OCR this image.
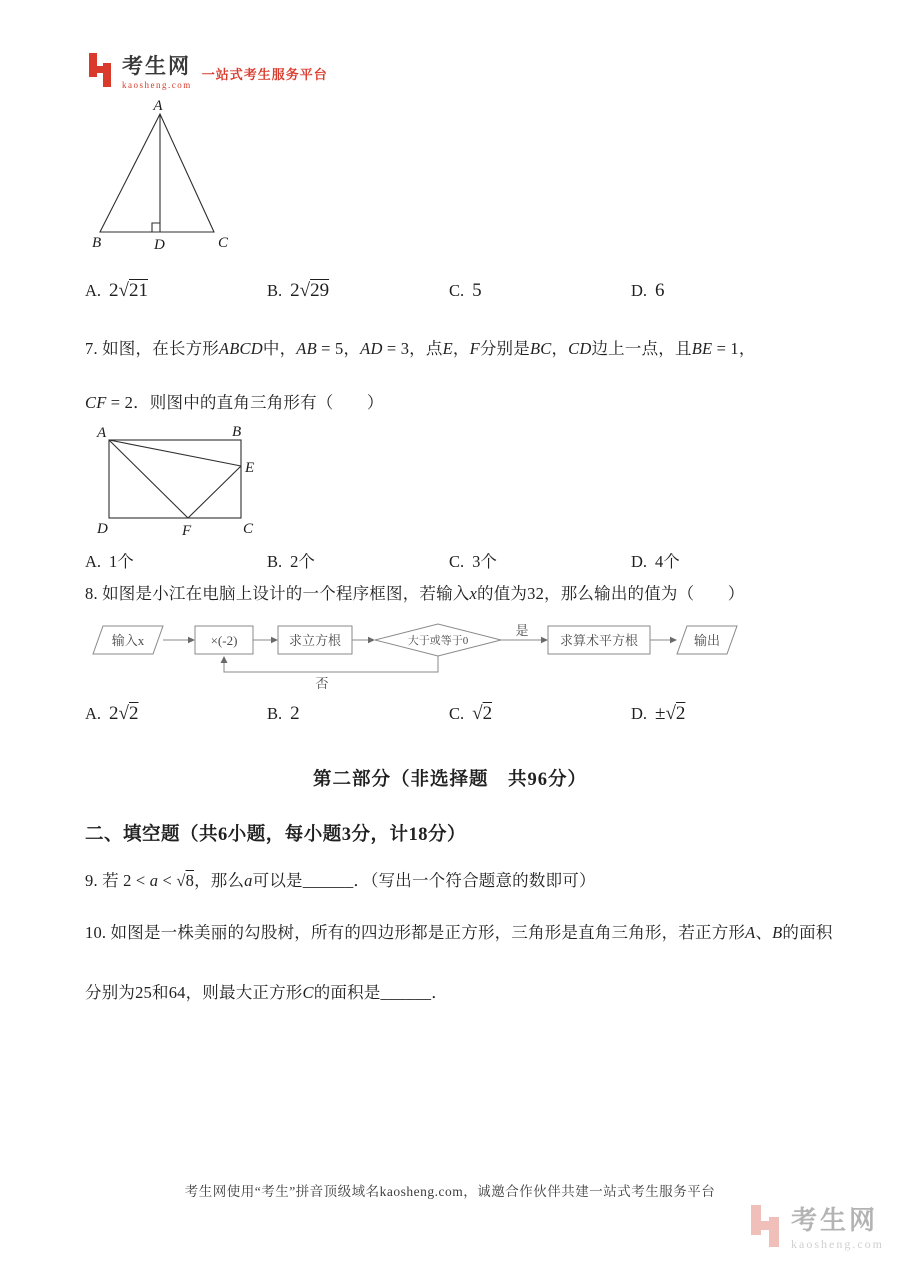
考生网
kaosheng.com
一站式考生服务平台
A
B	C
D
A. 2√21	B. 2√29	C. 5	D. 6
7. 如图，在长方形ABCD中，AB = 5，AD = 3，点E，F分别是BC，CD边上一点，且BE = 1，
CF = 2．则图中的直角三角形有（　　）
A	B
E
D	F	C
A. 1个	B. 2个	C. 3个	D. 4个
8. 如图是小江在电脑上设计的一个程序框图，若输入x的值为32，那么输出的值为（　　）
输入x	×(-2)	求立方根	大于或等于0
是
求算术平方根	输出
否
A. 2√2	B. 2	C. √2	D. ±√2
第二部分（非选择题　共96分）
二、填空题（共6小题，每小题3分，计18分）
9. 若 2 < a < √8，那么a可以是______．（写出一个符合题意的数即可）
10. 如图是一株美丽的勾股树，所有的四边形都是正方形，三角形是直角三角形，若正方形A、B的面积
分别为25和64，则最大正方形C的面积是______．
考生网使用“考生”拼音顶级域名kaosheng.com，诚邀合作伙伴共建一站式考生服务平台
考生网
kaosheng.com
